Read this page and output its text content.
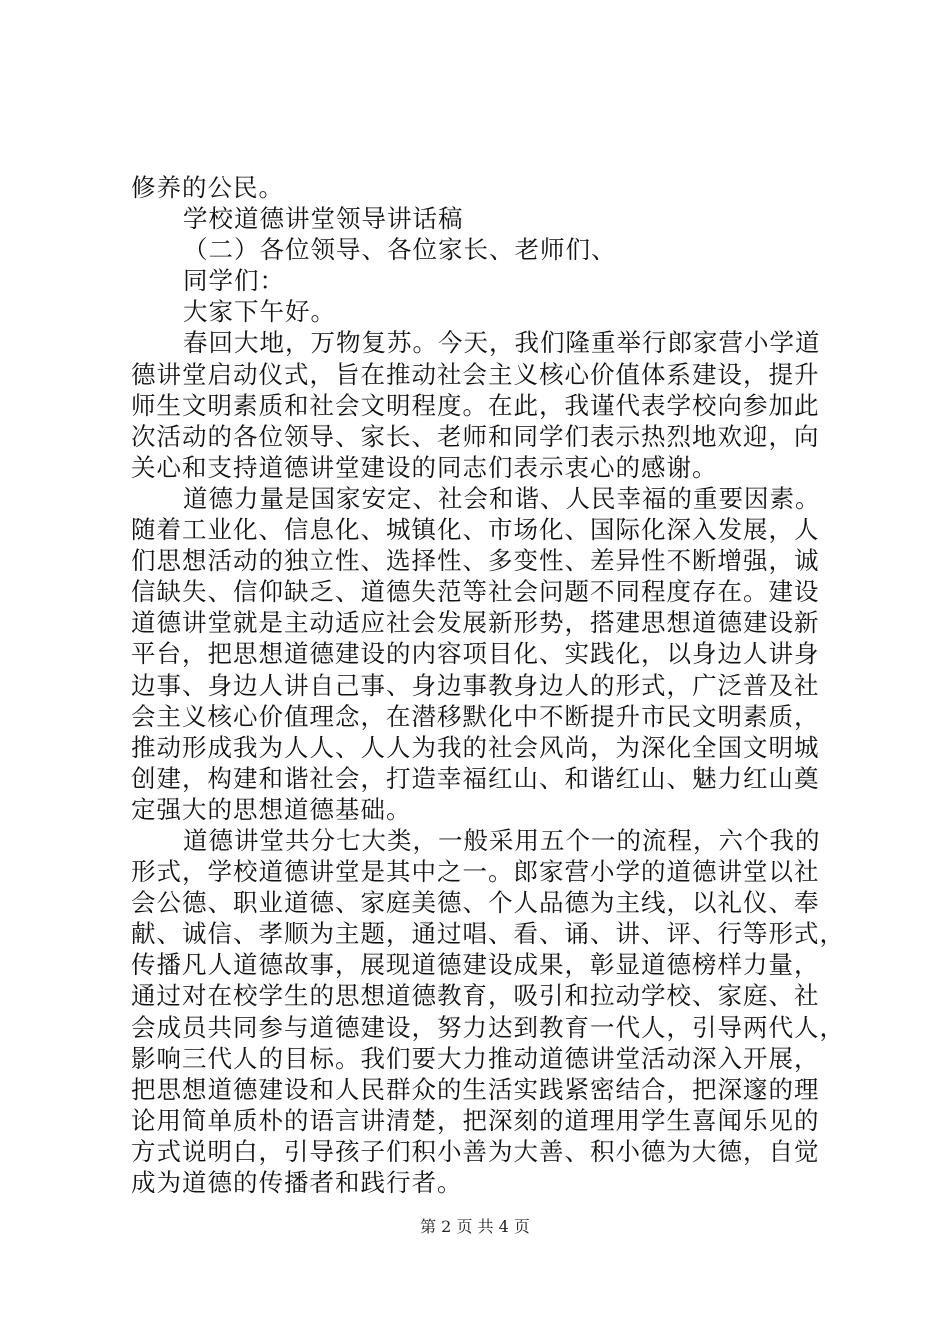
修养的公民。
学校道德讲堂领导讲话稿
（二）各位领导、各位家长、老师们、
同学们：
大家下午好。
春回大地，万物复苏。今天，我们隆重举行郎家营小学道
德讲堂启动仪式，旨在推动社会主义核心价值体系建设，提升
师生文明素质和社会文明程度。在此，我谨代表学校向参加此
次活动的各位领导、家长、老师和同学们表示热烈地欢迎，向
关心和支持道德讲堂建设的同志们表示衷心的感谢。
道德力量是国家安定、社会和谐、人民幸福的重要因素。
随着工业化、信息化、城镇化、市场化、国际化深入发展，人
们思想活动的独立性、选择性、多变性、差异性不断增强，诚
信缺失、信仰缺乏、道德失范等社会问题不同程度存在。建设
道德讲堂就是主动适应社会发展新形势，搭建思想道德建设新
平台，把思想道德建设的内容项目化、实践化，以身边人讲身
边事、身边人讲自己事、身边事教身边人的形式，广泛普及社
会主义核心价值理念，在潜移默化中不断提升市民文明素质，
推动形成我为人人、人人为我的社会风尚，为深化全国文明城
创建，构建和谐社会，打造幸福红山、和谐红山、魅力红山奠
定强大的思想道德基础。
道德讲堂共分七大类，一般采用五个一的流程，六个我的
形式，学校道德讲堂是其中之一。郎家营小学的道德讲堂以社
会公德、职业道德、家庭美德、个人品德为主线，以礼仪、奉
献、诚信、孝顺为主题，通过唱、看、诵、讲、评、行等形式，
传播凡人道德故事，展现道德建设成果，彰显道德榜样力量，
通过对在校学生的思想道德教育，吸引和拉动学校、家庭、社
会成员共同参与道德建设，努力达到教育一代人，引导两代人，
影响三代人的目标。我们要大力推动道德讲堂活动深入开展，
把思想道德建设和人民群众的生活实践紧密结合，把深邃的理
论用简单质朴的语言讲清楚，把深刻的道理用学生喜闻乐见的
方式说明白，引导孩子们积小善为大善、积小德为大德，自觉
成为道德的传播者和践行者。
第 2 页 共 4 页
